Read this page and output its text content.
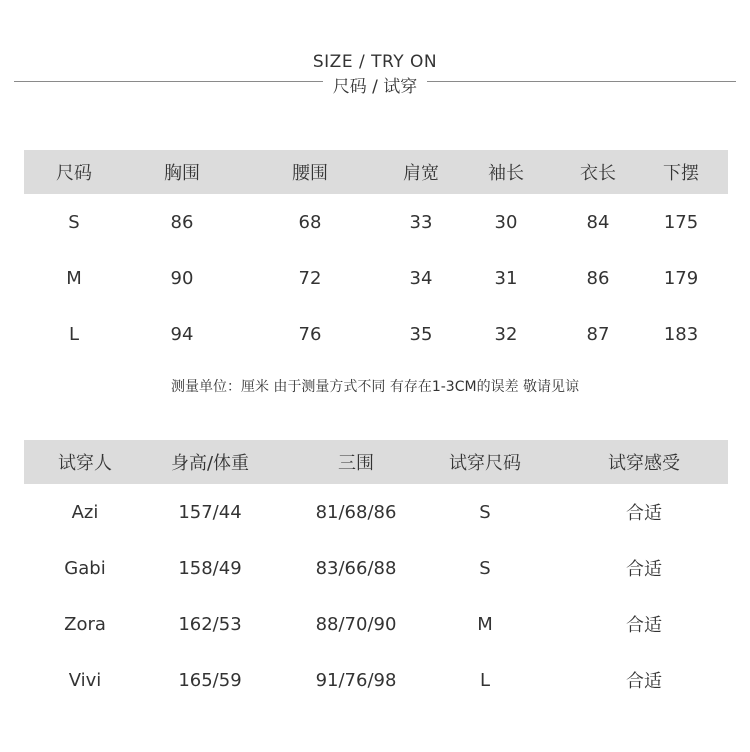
SIZE / TRY ON
尺码 / 试穿
尺码	胸围	腰围	肩宽	袖长	衣长	下摆
S	86	68	33	30	84	175
M	90	72	34	31	86	179
L	94	76	35	32	87	183
测量单位：厘米 由于测量方式不同 有存在1-3CM的误差 敬请见谅
试穿人	身高/体重	三围	试穿尺码	试穿感受
Azi	157/44	81/68/86	S	合适
Gabi	158/49	83/66/88	S	合适
Zora	162/53	88/70/90	M	合适
Vivi	165/59	91/76/98	L	合适
